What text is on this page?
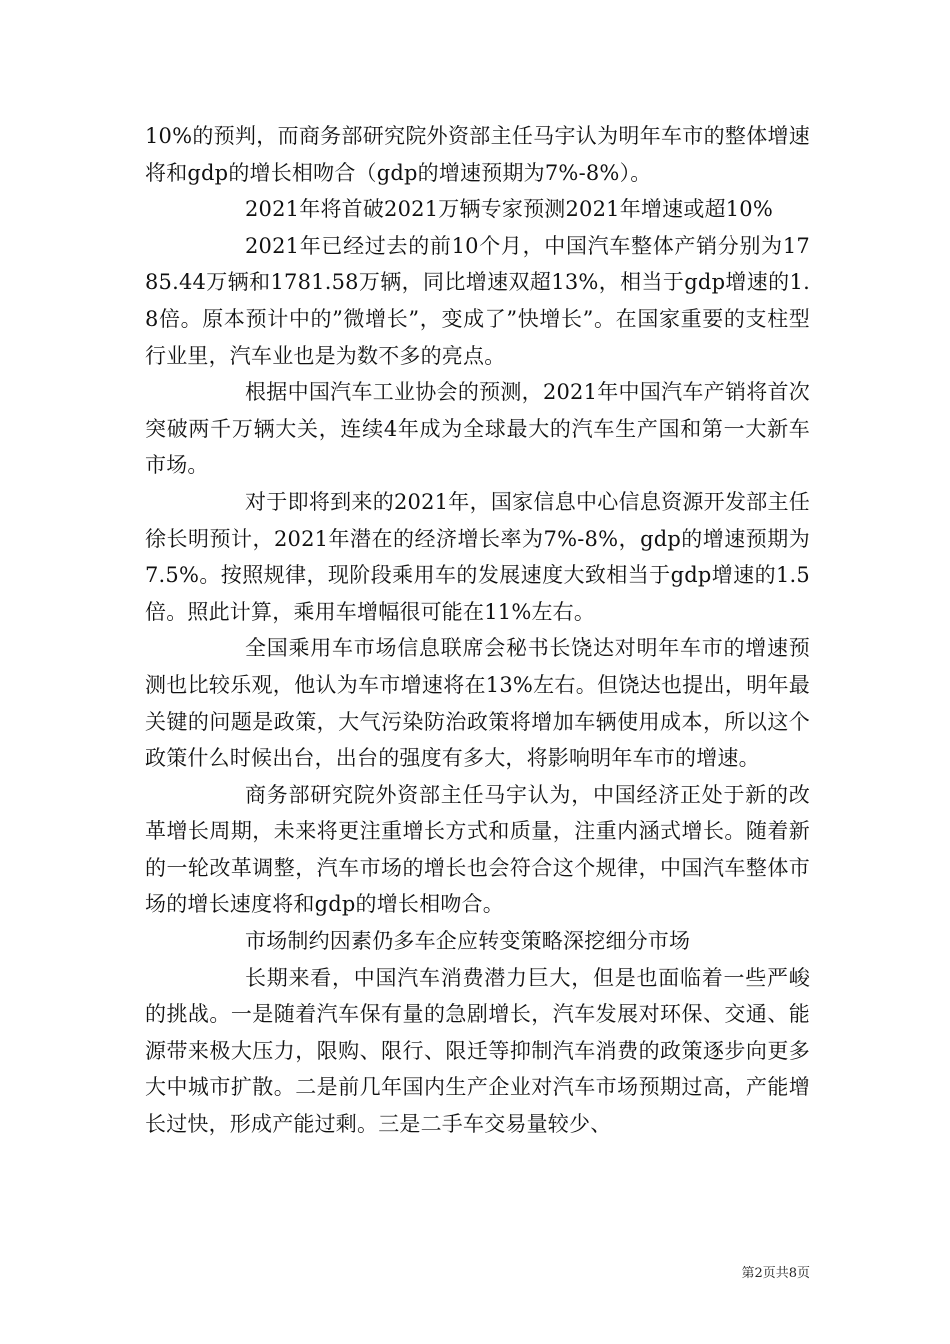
10%的预判，而商务部研究院外资部主任马宇认为明年车市的整体增速将和gdp的增长相吻合（gdp的增速预期为7%-8%）。

2021年将首破2021万辆专家预测2021年增速或超10%

2021年已经过去的前10个月，中国汽车整体产销分别为1785.44万辆和1781.58万辆，同比增速双超13%，相当于gdp增速的1.8倍。原本预计中的”微增长”，变成了”快增长”。在国家重要的支柱型行业里，汽车业也是为数不多的亮点。

根据中国汽车工业协会的预测，2021年中国汽车产销将首次突破两千万辆大关，连续4年成为全球最大的汽车生产国和第一大新车市场。

对于即将到来的2021年，国家信息中心信息资源开发部主任徐长明预计，2021年潜在的经济增长率为7%-8%，gdp的增速预期为7.5%。按照规律，现阶段乘用车的发展速度大致相当于gdp增速的1.5倍。照此计算，乘用车增幅很可能在11%左右。

全国乘用车市场信息联席会秘书长饶达对明年车市的增速预测也比较乐观，他认为车市增速将在13%左右。但饶达也提出，明年最关键的问题是政策，大气污染防治政策将增加车辆使用成本，所以这个政策什么时候出台，出台的强度有多大，将影响明年车市的增速。

商务部研究院外资部主任马宇认为，中国经济正处于新的改革增长周期，未来将更注重增长方式和质量，注重内涵式增长。随着新的一轮改革调整，汽车市场的增长也会符合这个规律，中国汽车整体市场的增长速度将和gdp的增长相吻合。

市场制约因素仍多车企应转变策略深挖细分市场

长期来看，中国汽车消费潜力巨大，但是也面临着一些严峻的挑战。一是随着汽车保有量的急剧增长，汽车发展对环保、交通、能源带来极大压力，限购、限行、限迁等抑制汽车消费的政策逐步向更多大中城市扩散。二是前几年国内生产企业对汽车市场预期过高，产能增长过快，形成产能过剩。三是二手车交易量较少、

第2页共8页
